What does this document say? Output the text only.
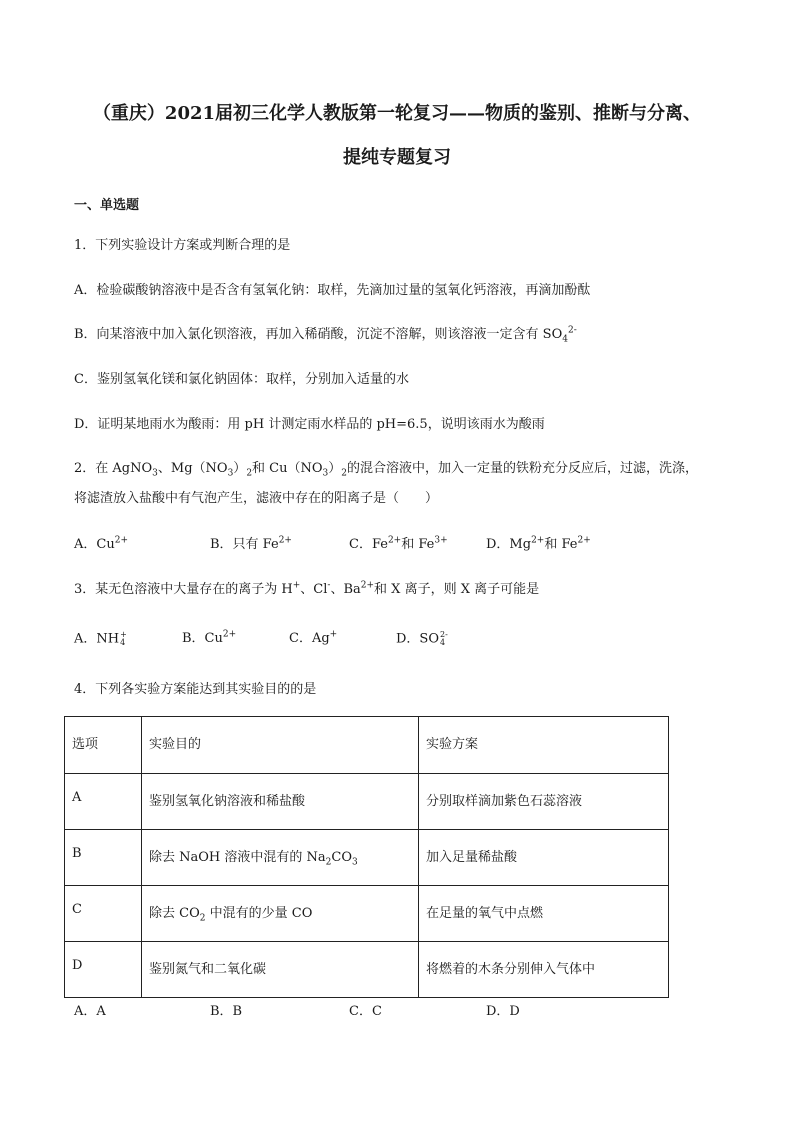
（重庆）2021届初三化学人教版第一轮复习——物质的鉴别、推断与分离、
提纯专题复习
一、单选题
1．下列实验设计方案或判断合理的是
A．检验碳酸钠溶液中是否含有氢氧化钠：取样，先滴加过量的氢氧化钙溶液，再滴加酚酞
B．向某溶液中加入氯化钡溶液，再加入稀硝酸，沉淀不溶解，则该溶液一定含有 $SO_4^{2-}$
C．鉴别氢氧化镁和氯化钠固体：取样，分别加入适量的水
D．证明某地雨水为酸雨：用 pH 计测定雨水样品的 pH=6.5，说明该雨水为酸雨
2．在 AgNO$_3$、$Mg(NO_3)_2$和 $Cu(NO_3)_2$的混合溶液中，加入一定量的铁粉充分反应后，过滤，洗涤，
将滤渣放入盐酸中有气泡产生，滤液中存在的阳离子是（　　）
A．$Cu^{2+}$	B．只有 $Fe^{2+}$	C．$Fe^{2+}$和 $Fe^{3+}$	D．$Mg^{2+}$和 $Fe^{2+}$
3．某无色溶液中大量存在的离子为 H+、Cl-、$Ba^{2+}$和 X 离子，则 X 离子可能是
A．NH +
4	B．$Cu^{2+}$	C．Ag+	D．SO 2-
4
4．下列各实验方案能达到其实验目的的是
选项	实验目的	实验方案
A	鉴别氢氧化钠溶液和稀盐酸	分别取样滴加紫色石蕊溶液
B	除去 NaOH 溶液中混有的 $Na_2CO_3$	加入足量稀盐酸
C	除去 $CO_2$ 中混有的少量 CO	在足量的氧气中点燃
D	鉴别氮气和二氧化碳	将燃着的木条分别伸入气体中
A．A	B．B	C．C	D．D
